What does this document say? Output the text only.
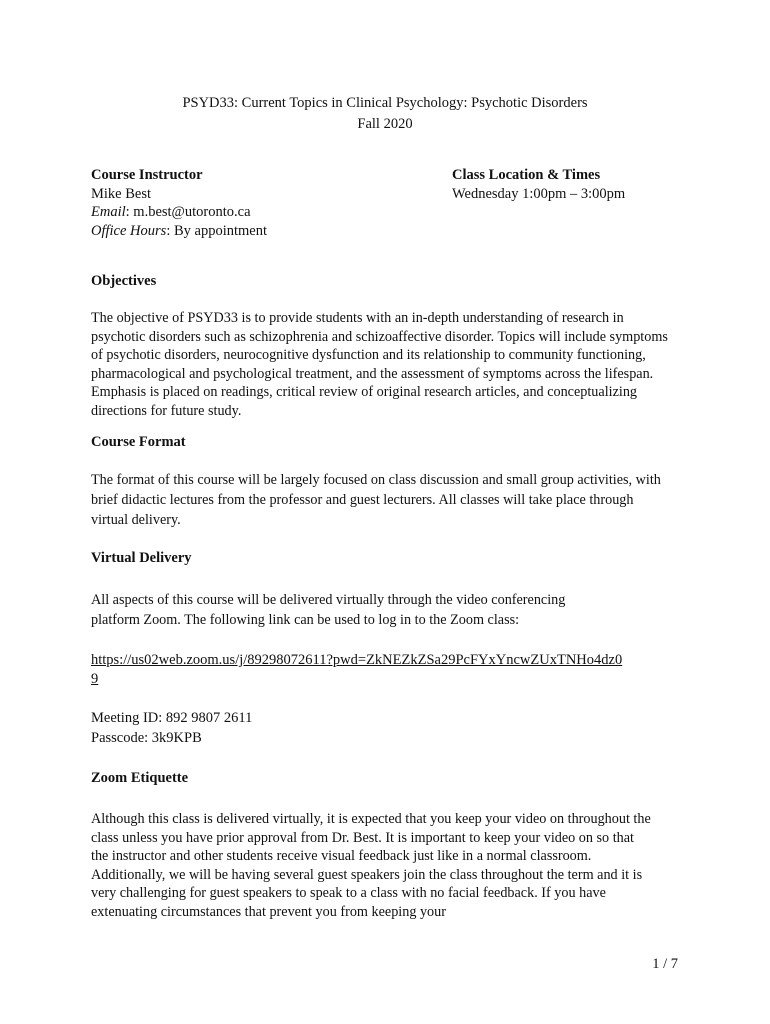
PSYD33: Current Topics in Clinical Psychology: Psychotic Disorders
Fall 2020
Course Instructor
Mike Best
Email: m.best@utoronto.ca
Office Hours: By appointment
Class Location & Times
Wednesday 1:00pm – 3:00pm
Objectives
The objective of PSYD33 is to provide students with an in-depth understanding of research in psychotic disorders such as schizophrenia and schizoaffective disorder. Topics will include symptoms of psychotic disorders, neurocognitive dysfunction and its relationship to community functioning, pharmacological and psychological treatment, and the assessment of symptoms across the lifespan. Emphasis is placed on readings, critical review of original research articles, and conceptualizing directions for future study.
Course Format
The format of this course will be largely focused on class discussion and small group activities, with brief didactic lectures from the professor and guest lecturers. All classes will take place through virtual delivery.
Virtual Delivery
All aspects of this course will be delivered virtually through the video conferencing platform Zoom. The following link can be used to log in to the Zoom class:
https://us02web.zoom.us/j/89298072611?pwd=ZkNEZkZSa29PcFYxYncwZUxTNHo4dz0
9
Meeting ID: 892 9807 2611
Passcode: 3k9KPB
Zoom Etiquette
Although this class is delivered virtually, it is expected that you keep your video on throughout the class unless you have prior approval from Dr. Best. It is important to keep your video on so that the instructor and other students receive visual feedback just like in a normal classroom. Additionally, we will be having several guest speakers join the class throughout the term and it is very challenging for guest speakers to speak to a class with no facial feedback. If you have extenuating circumstances that prevent you from keeping your
1 / 7
